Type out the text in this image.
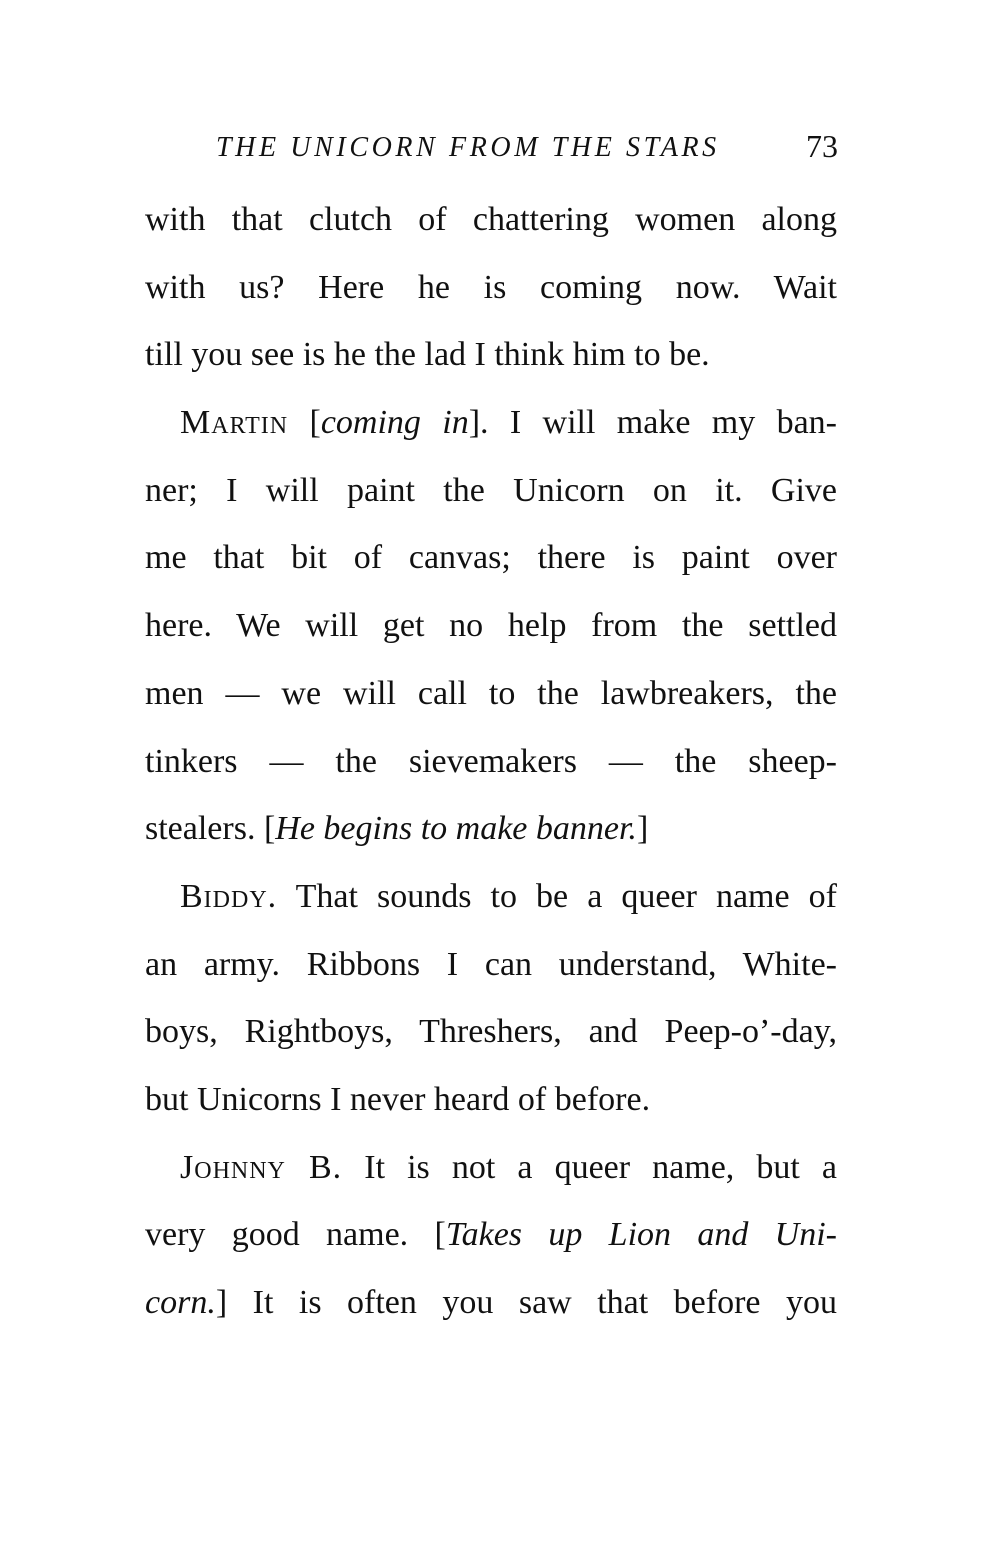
THE UNICORN FROM THE STARS	73
with that clutch of chattering women along
with us? Here he is coming now. Wait
till you see is he the lad I think him to be.
Martin [coming in]. I will make my ban-
ner; I will paint the Unicorn on it. Give
me that bit of canvas; there is paint over
here. We will get no help from the settled
men — we will call to the lawbreakers, the
tinkers — the sievemakers — the sheep-
stealers. [He begins to make banner.]
Biddy. That sounds to be a queer name of
an army. Ribbons I can understand, White-
boys, Rightboys, Threshers, and Peep-o’-day,
but Unicorns I never heard of before.
Johnny B. It is not a queer name, but a
very good name. [Takes up Lion and Uni-
corn.] It is often you saw that before you
